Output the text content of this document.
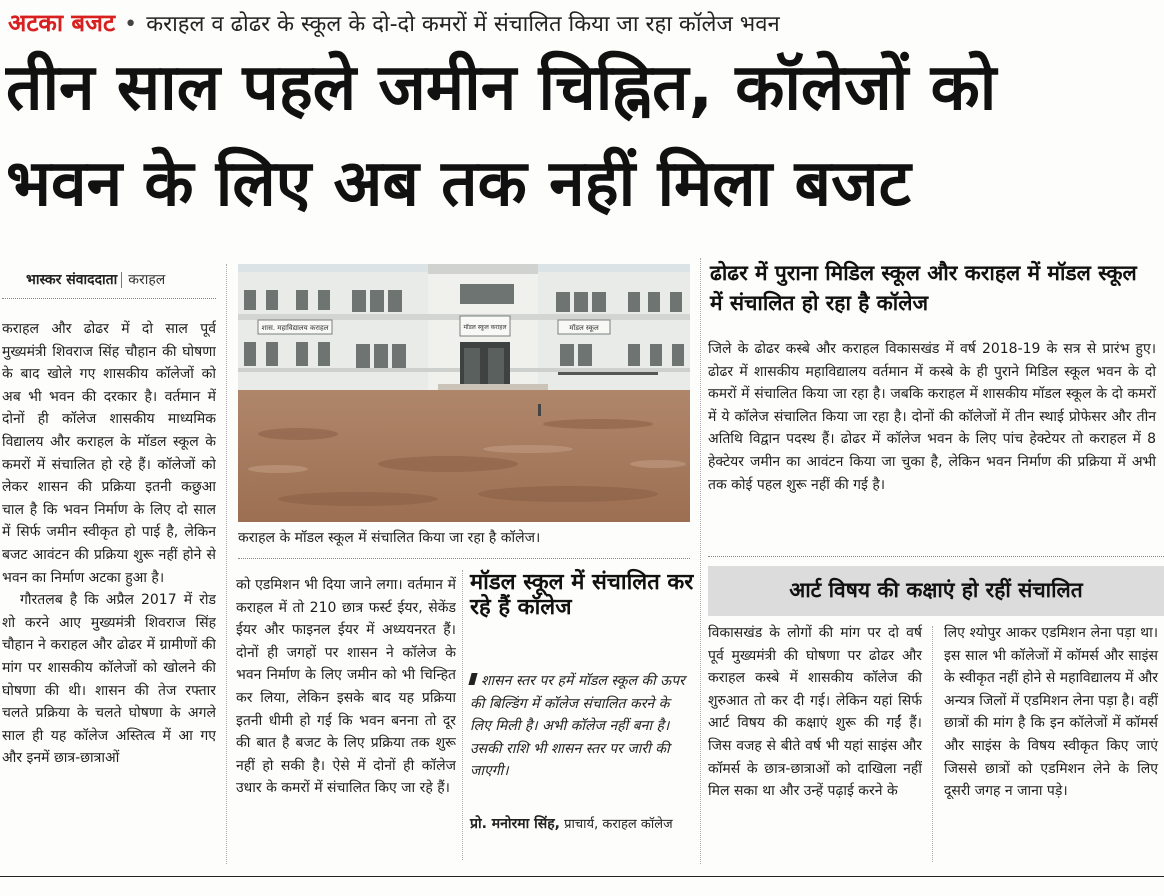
अटका बजट • कराहल व ढोढर के स्कूल के दो-दो कमरों में संचालित किया जा रहा कॉलेज भवन
तीन साल पहले जमीन चिह्नित, कॉलेजों को
भवन के लिए अब तक नहीं मिला बजट
भास्कर संवाददाता कराहल

कराहल और ढोढर में दो साल पूर्व मुख्यमंत्री शिवराज सिंह चौहान की घोषणा के बाद खोले गए शासकीय कॉलेजों को अब भी भवन की दरकार है। वर्तमान में दोनों ही कॉलेज शासकीय माध्यमिक विद्यालय और कराहल के मॉडल स्कूल के कमरों में संचालित हो रहे हैं। कॉलेजों को लेकर शासन की प्रक्रिया इतनी कछुआ चाल है कि भवन निर्माण के लिए दो साल में सिर्फ जमीन स्वीकृत हो पाई है, लेकिन बजट आवंटन की प्रक्रिया शुरू नहीं होने से भवन का निर्माण अटका हुआ है।

गौरतलब है कि अप्रैल 2017 में रोड शो करने आए मुख्यमंत्री शिवराज सिंह चौहान ने कराहल और ढोढर में ग्रामीणों की मांग पर शासकीय कॉलेजों को खोलने की घोषणा की थी। शासन की तेज रफ्तार चलते प्रक्रिया के चलते घोषणा के अगले साल ही यह कॉलेज अस्तित्व में आ गए और इनमें छात्र-छात्राओं

शास. महाविद्यालय कराहल	मॉडल स्कूल कराहल	मॉडल स्कूल
कराहल के मॉडल स्कूल में संचालित किया जा रहा है कॉलेज।

को एडमिशन भी दिया जाने लगा। वर्तमान में कराहल में तो 210 छात्र फर्स्ट ईयर, सेकेंड ईयर और फाइनल ईयर में अध्ययनरत हैं। दोनों ही जगहों पर शासन ने कॉलेज के भवन निर्माण के लिए जमीन को भी चिन्हित कर लिया, लेकिन इसके बाद यह प्रक्रिया इतनी धीमी हो गई कि भवन बनना तो दूर की बात है बजट के लिए प्रक्रिया तक शुरू नहीं हो सकी है। ऐसे में दोनों ही कॉलेज उधार के कमरों में संचालित किए जा रहे हैं।

मॉडल स्कूल में संचालित कर रहे हैं कॉलेज
शासन स्तर पर हमें मॉडल स्कूल की ऊपर की बिल्डिंग में कॉलेज संचालित करने के लिए मिली है। अभी कॉलेज नहीं बना है। उसकी राशि भी शासन स्तर पर जारी की जाएगी।
प्रो. मनोरमा सिंह, प्राचार्य, कराहल कॉलेज
ढोढर में पुराना मिडिल स्कूल और कराहल में मॉडल स्कूल में संचालित हो रहा है कॉलेज

जिले के ढोढर कस्बे और कराहल विकासखंड में वर्ष 2018-19 के सत्र से प्रारंभ हुए। ढोढर में शासकीय महाविद्यालय वर्तमान में कस्बे के ही पुराने मिडिल स्कूल भवन के दो कमरों में संचालित किया जा रहा है। जबकि कराहल में शासकीय मॉडल स्कूल के दो कमरों में ये कॉलेज संचालित किया जा रहा है। दोनों की कॉलेजों में तीन स्थाई प्रोफेसर और तीन अतिथि विद्वान पदस्थ हैं। ढोढर में कॉलेज भवन के लिए पांच हेक्टेयर तो कराहल में 8 हेक्टेयर जमीन का आवंटन किया जा चुका है, लेकिन भवन निर्माण की प्रक्रिया में अभी तक कोई पहल शुरू नहीं की गई है।

आर्ट विषय की कक्षाएं हो रहीं संचालित

विकासखंड के लोगों की मांग पर दो वर्ष पूर्व मुख्यमंत्री की घोषणा पर ढोढर और कराहल कस्बे में शासकीय कॉलेज की शुरुआत तो कर दी गई। लेकिन यहां सिर्फ आर्ट विषय की कक्षाएं शुरू की गईं हैं। जिस वजह से बीते वर्ष भी यहां साइंस और कॉमर्स के छात्र-छात्राओं को दाखिला नहीं मिल सका था और उन्हें पढ़ाई करने के

लिए श्योपुर आकर एडमिशन लेना पड़ा था। इस साल भी कॉलेजों में कॉमर्स और साइंस के स्वीकृत नहीं होने से महाविद्यालय में और अन्यत्र जिलों में एडमिशन लेना पड़ा है। वहीं छात्रों की मांग है कि इन कॉलेजों में कॉमर्स और साइंस के विषय स्वीकृत किए जाएं जिससे छात्रों को एडमिशन लेने के लिए दूसरी जगह न जाना पड़े।
